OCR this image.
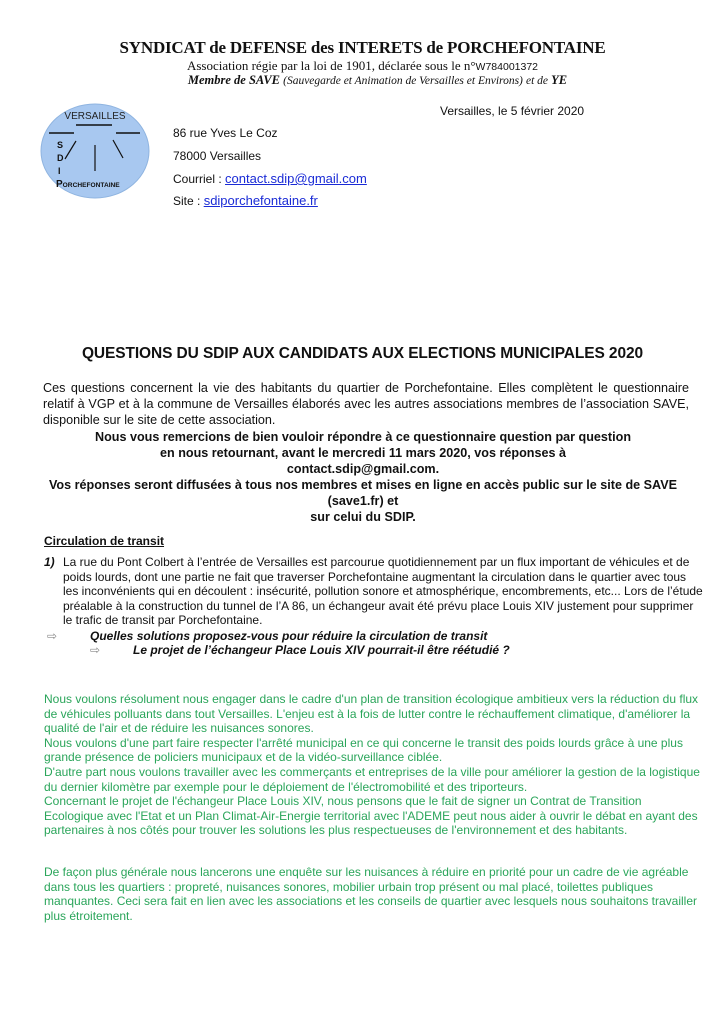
SYNDICAT de DEFENSE des INTERETS de PORCHEFONTAINE
Association régie par la loi de 1901, déclarée sous le n°W784001372
Membre de SAVE (Sauvegarde et Animation de Versailles et Environs) et de YE
VERSAILLES
S
D
I
PORCHEFONTAINE
Versailles, le 5 février 2020
86 rue Yves Le Coz
78000 Versailles
Courriel : contact.sdip@gmail.com
Site : sdiporchefontaine.fr
QUESTIONS DU SDIP AUX CANDIDATS AUX ELECTIONS MUNICIPALES 2020
Ces questions concernent la vie des habitants du quartier de Porchefontaine. Elles complètent le questionnaire relatif à VGP et à la commune de Versailles élaborés avec les autres associations membres de l’association SAVE, disponible sur le site de cette association.
Nous vous remercions de bien vouloir répondre à ce questionnaire question par question
en nous retournant, avant le mercredi 11 mars 2020, vos réponses à
contact.sdip@gmail.com.
Vos réponses seront diffusées à tous nos membres et mises en ligne en accès public sur le site de SAVE (save1.fr) et
sur celui du SDIP.
Circulation de transit
1) La rue du Pont Colbert à l’entrée de Versailles est parcourue quotidiennement par un flux important de véhicules et de poids lourds, dont une partie ne fait que traverser Porchefontaine augmentant la circulation dans le quartier avec tous les inconvénients qui en découlent : insécurité, pollution sonore et atmosphérique, encombrements, etc... Lors de l’étude préalable à la construction du tunnel de l’A 86, un échangeur avait été prévu place Louis XIV justement pour supprimer le trafic de transit par Porchefontaine.
⇨	Quelles solutions proposez-vous pour réduire la circulation de transit
⇨	Le projet de l’échangeur Place Louis XIV pourrait-il être réétudié ?
Nous voulons résolument nous engager dans le cadre d'un plan de transition écologique ambitieux vers la réduction du flux de véhicules polluants dans tout Versailles. L'enjeu est à la fois de lutter contre le réchauffement climatique, d'améliorer la qualité de l'air et de réduire les nuisances sonores.
Nous voulons d'une part faire respecter l'arrêté municipal en ce qui concerne le transit des poids lourds grâce à une plus grande présence de policiers municipaux et de la vidéo-surveillance ciblée.
D'autre part nous voulons travailler avec les commerçants et entreprises de la ville pour améliorer la gestion de la logistique du dernier kilomètre par exemple pour le déploiement de l'électromobilité et des triporteurs.
Concernant le projet de l'échangeur Place Louis XIV, nous pensons que le fait de signer un Contrat de Transition Ecologique avec l'Etat et un Plan Climat-Air-Energie territorial avec l'ADEME peut nous aider à ouvrir le débat en ayant des partenaires à nos côtés pour trouver les solutions les plus respectueuses de l'environnement et des habitants.
De façon plus générale nous lancerons une enquête sur les nuisances à réduire en priorité pour un cadre de vie agréable dans tous les quartiers : propreté, nuisances sonores, mobilier urbain trop présent ou mal placé, toilettes publiques manquantes. Ceci sera fait en lien avec les associations et les conseils de quartier avec lesquels nous souhaitons travailler plus étroitement.
